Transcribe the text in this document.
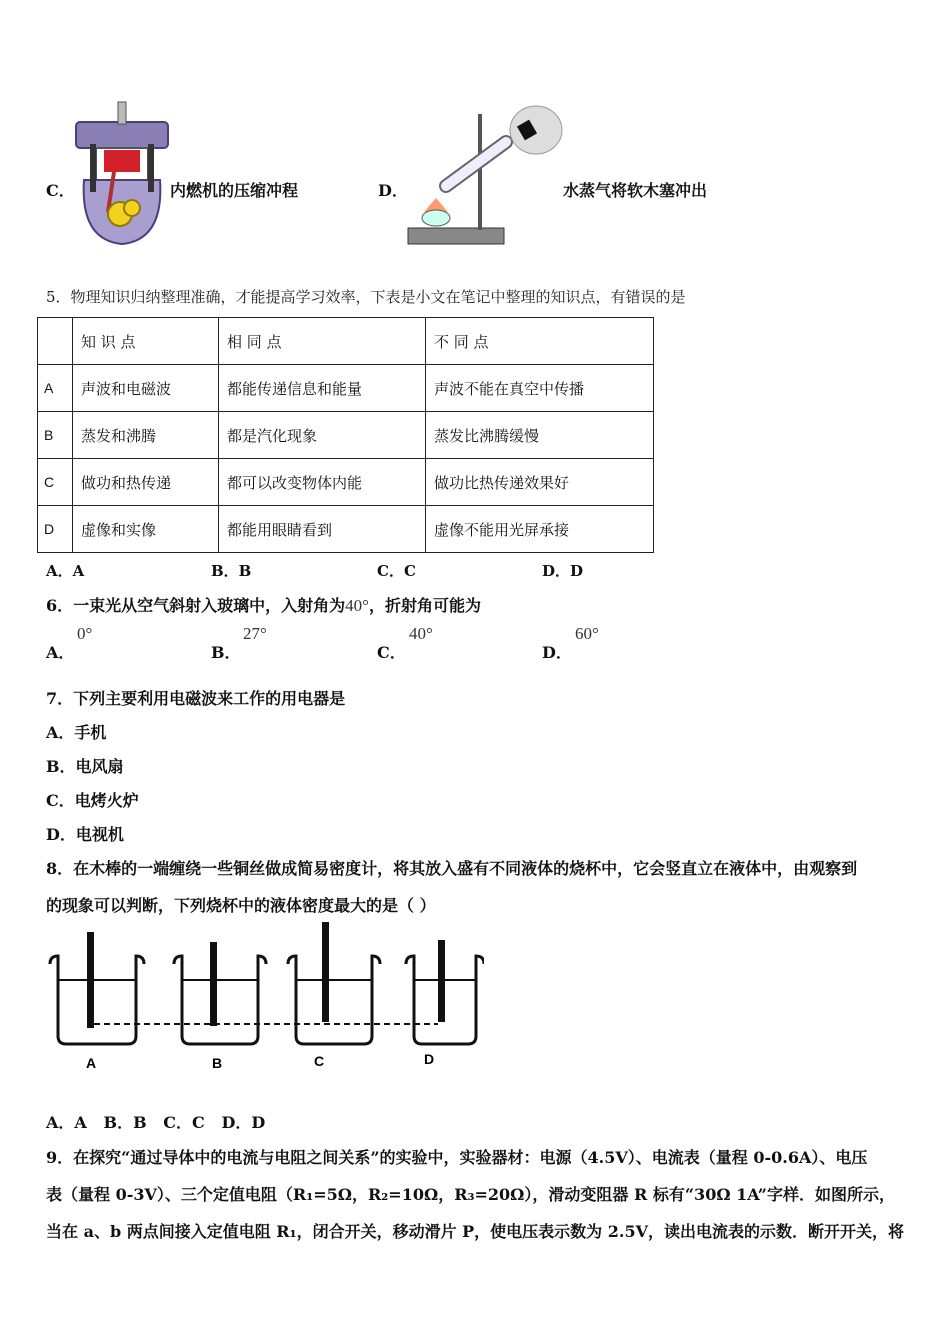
C．	内燃机的压缩冲程	D．	水蒸气将软木塞冲出
5．物理知识归纳整理准确，才能提高学习效率，下表是小文在笔记中整理的知识点，有错误的是
	知 识 点	相 同 点	不 同 点
A	声波和电磁波	都能传递信息和能量	声波不能在真空中传播
B	蒸发和沸腾	都是汽化现象	蒸发比沸腾缓慢
C	做功和热传递	都可以改变物体内能	做功比热传递效果好
D	虚像和实像	都能用眼睛看到	虚像不能用光屏承接
A．A	B．B	C．C	D．D
6．一束光从空气斜射入玻璃中，入射角为40°，折射角可能为
A．
0°
B．
27°
C．
40°
D．
60°
7．下列主要利用电磁波来工作的用电器是
A．手机
B．电风扇
C．电烤火炉
D．电视机
8．在木棒的一端缠绕一些铜丝做成简易密度计，将其放入盛有不同液体的烧杯中，它会竖直立在液体中，由观察到
的现象可以判断，下列烧杯中的液体密度最大的是（ ）
A	B	C	D
A．A   B．B   C．C   D．D
9．在探究“通过导体中的电流与电阻之间关系”的实验中，实验器材：电源（4.5V）、电流表（量程 0-0.6A）、电压
表（量程 0-3V）、三个定值电阻（R₁=5Ω，R₂=10Ω，R₃=20Ω），滑动变阻器 R 标有“30Ω 1A”字样．如图所示，
当在 a、b 两点间接入定值电阻 R₁，闭合开关，移动滑片 P，使电压表示数为 2.5V，读出电流表的示数．断开开关，将
